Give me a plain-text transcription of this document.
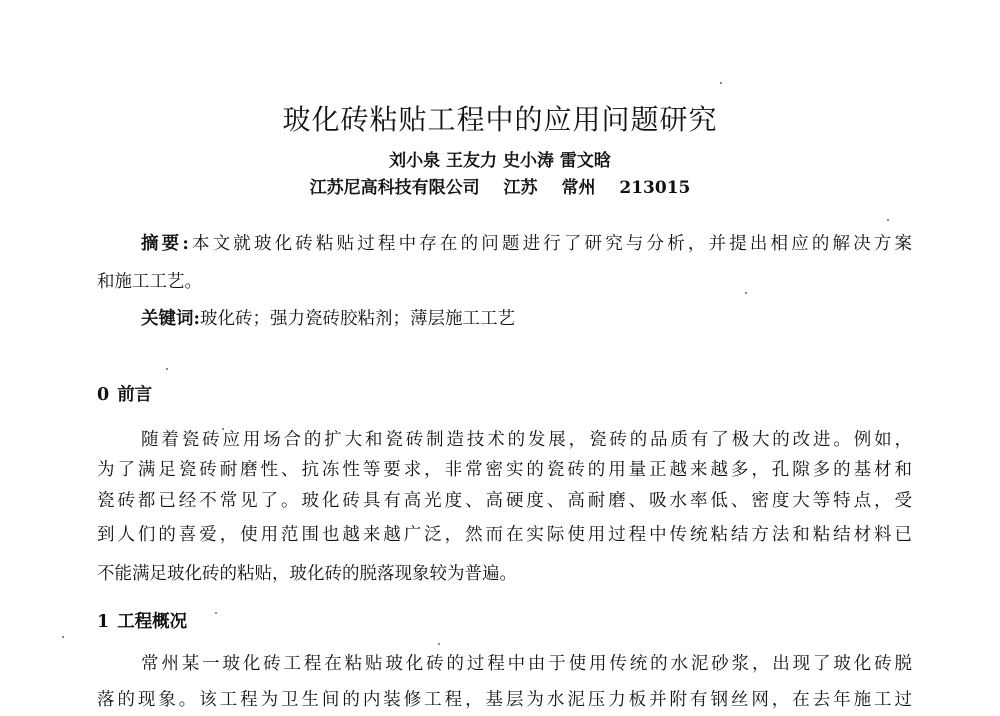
玻化砖粘贴工程中的应用问题研究
刘小泉 王友力 史小涛 雷文晗
江苏尼高科技有限公司 江苏 常州 213015
摘要:本文就玻化砖粘贴过程中存在的问题进行了研究与分析，并提出相应的解决方案
和施工工艺。
关键词:玻化砖；强力瓷砖胶粘剂；薄层施工工艺
0 前言
随着瓷砖应用场合的扩大和瓷砖制造技术的发展，瓷砖的品质有了极大的改进。例如，
为了满足瓷砖耐磨性、抗冻性等要求，非常密实的瓷砖的用量正越来越多，孔隙多的基材和
瓷砖都已经不常见了。玻化砖具有高光度、高硬度、高耐磨、吸水率低、密度大等特点，受
到人们的喜爱，使用范围也越来越广泛，然而在实际使用过程中传统粘结方法和粘结材料已
不能满足玻化砖的粘贴，玻化砖的脱落现象较为普遍。
1 工程概况
常州某一玻化砖工程在粘贴玻化砖的过程中由于使用传统的水泥砂浆，出现了玻化砖脱
落的现象。该工程为卫生间的内装修工程，基层为水泥压力板并附有钢丝网，在去年施工过
